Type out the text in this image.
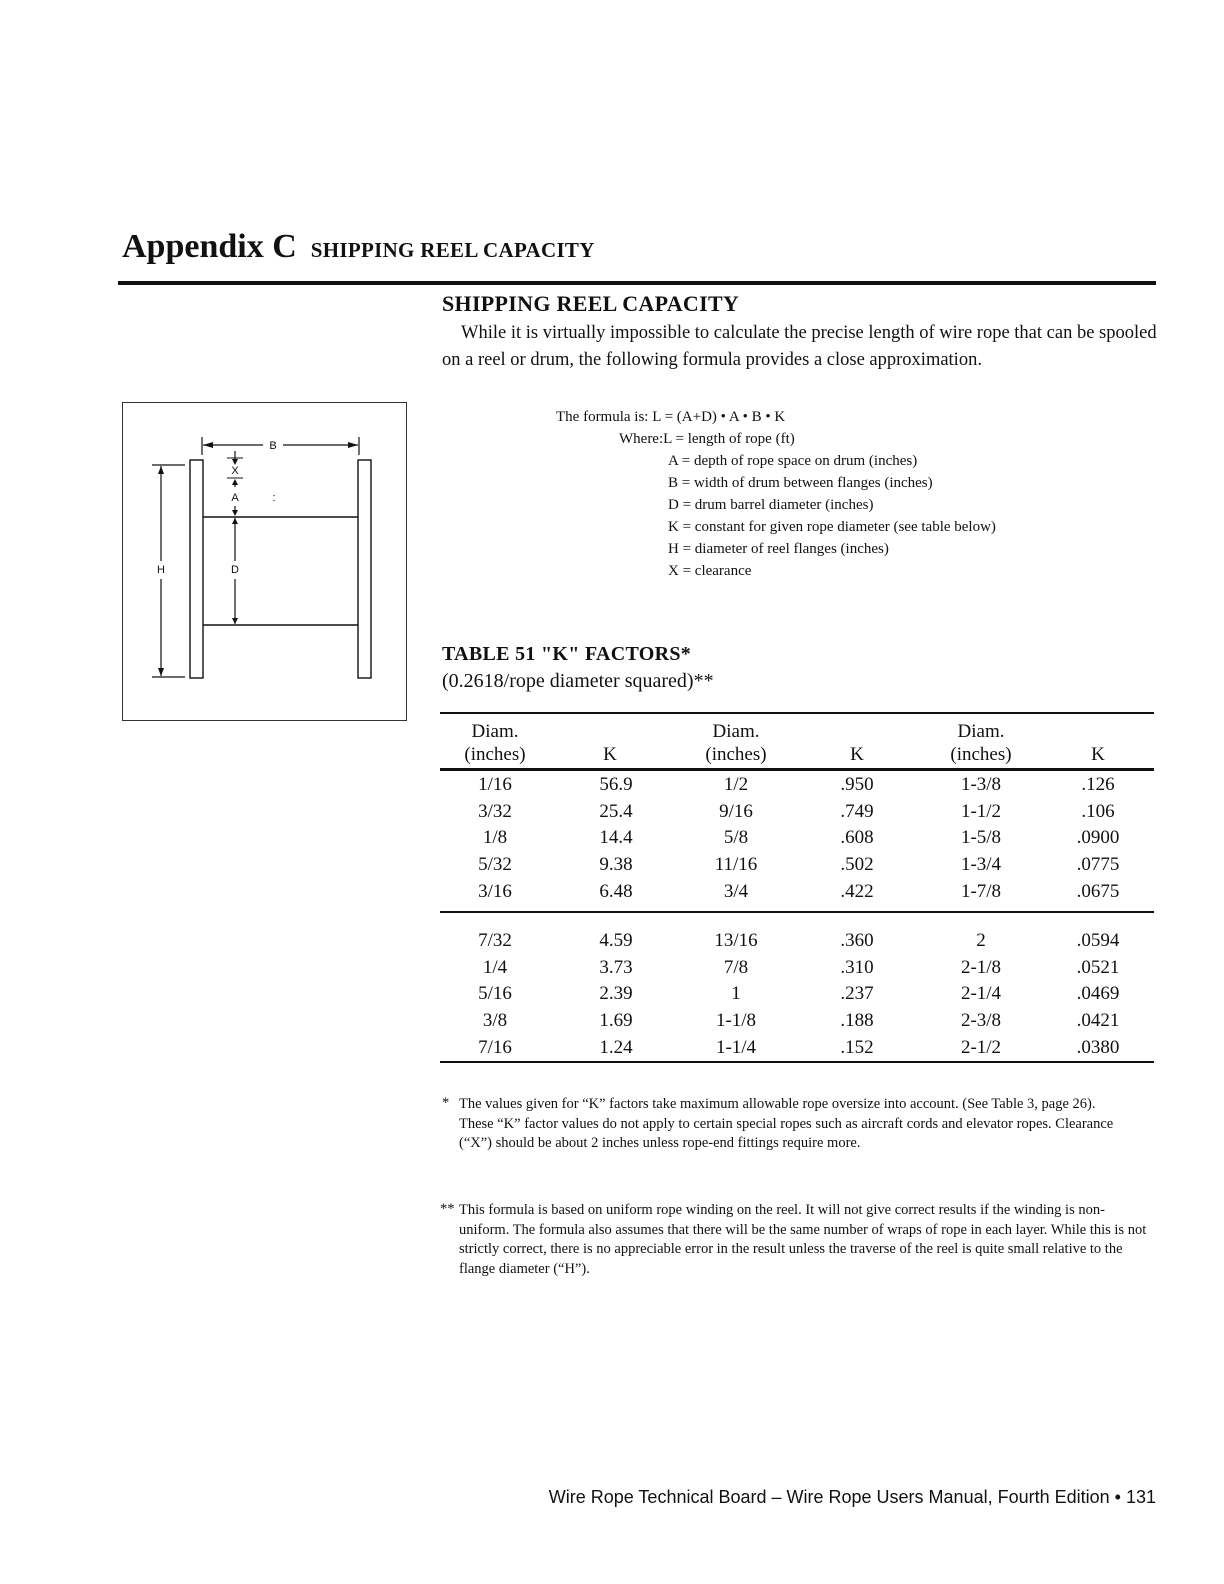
Appendix C SHIPPING REEL CAPACITY
SHIPPING REEL CAPACITY
While it is virtually impossible to calculate the precise length of wire rope that can be spooled on a reel or drum, the following formula provides a close approximation.
B
X
A
D
:
H
The formula is: L = (A+D) • A • B • K
Where:L = length of rope (ft)
A = depth of rope space on drum (inches)
B = width of drum between flanges (inches)
D = drum barrel diameter (inches)
K = constant for given rope diameter (see table below)
H = diameter of reel flanges (inches)
X = clearance
TABLE 51 "K" FACTORS*
(0.2618/rope diameter squared)**
Diam.
(inches)	K
Diam.
(inches)	K
Diam.
(inches)	K
1/16	56.9	1/2	.950	1-3/8	.126
3/32	25.4	9/16	.749	1-1/2	.106
1/8	14.4	5/8	.608	1-5/8	.0900
5/32	9.38	11/16	.502	1-3/4	.0775
3/16	6.48	3/4	.422	1-7/8	.0675
7/32	4.59	13/16	.360	2	.0594
1/4	3.73	7/8	.310	2-1/8	.0521
5/16	2.39	1	.237	2-1/4	.0469
3/8	1.69	1-1/8	.188	2-3/8	.0421
7/16	1.24	1-1/4	.152	2-1/2	.0380
* The values given for “K” factors take maximum allowable rope oversize into account. (See Table 3, page 26). These “K” factor values do not apply to certain special ropes such as aircraft cords and elevator ropes. Clearance (“X”) should be about 2 inches unless rope-end fittings require more.
** This formula is based on uniform rope winding on the reel. It will not give correct results if the winding is non-uniform. The formula also assumes that there will be the same number of wraps of rope in each layer. While this is not strictly correct, there is no appreciable error in the result unless the traverse of the reel is quite small relative to the flange diameter (“H”).
Wire Rope Technical Board – Wire Rope Users Manual, Fourth Edition • 131
